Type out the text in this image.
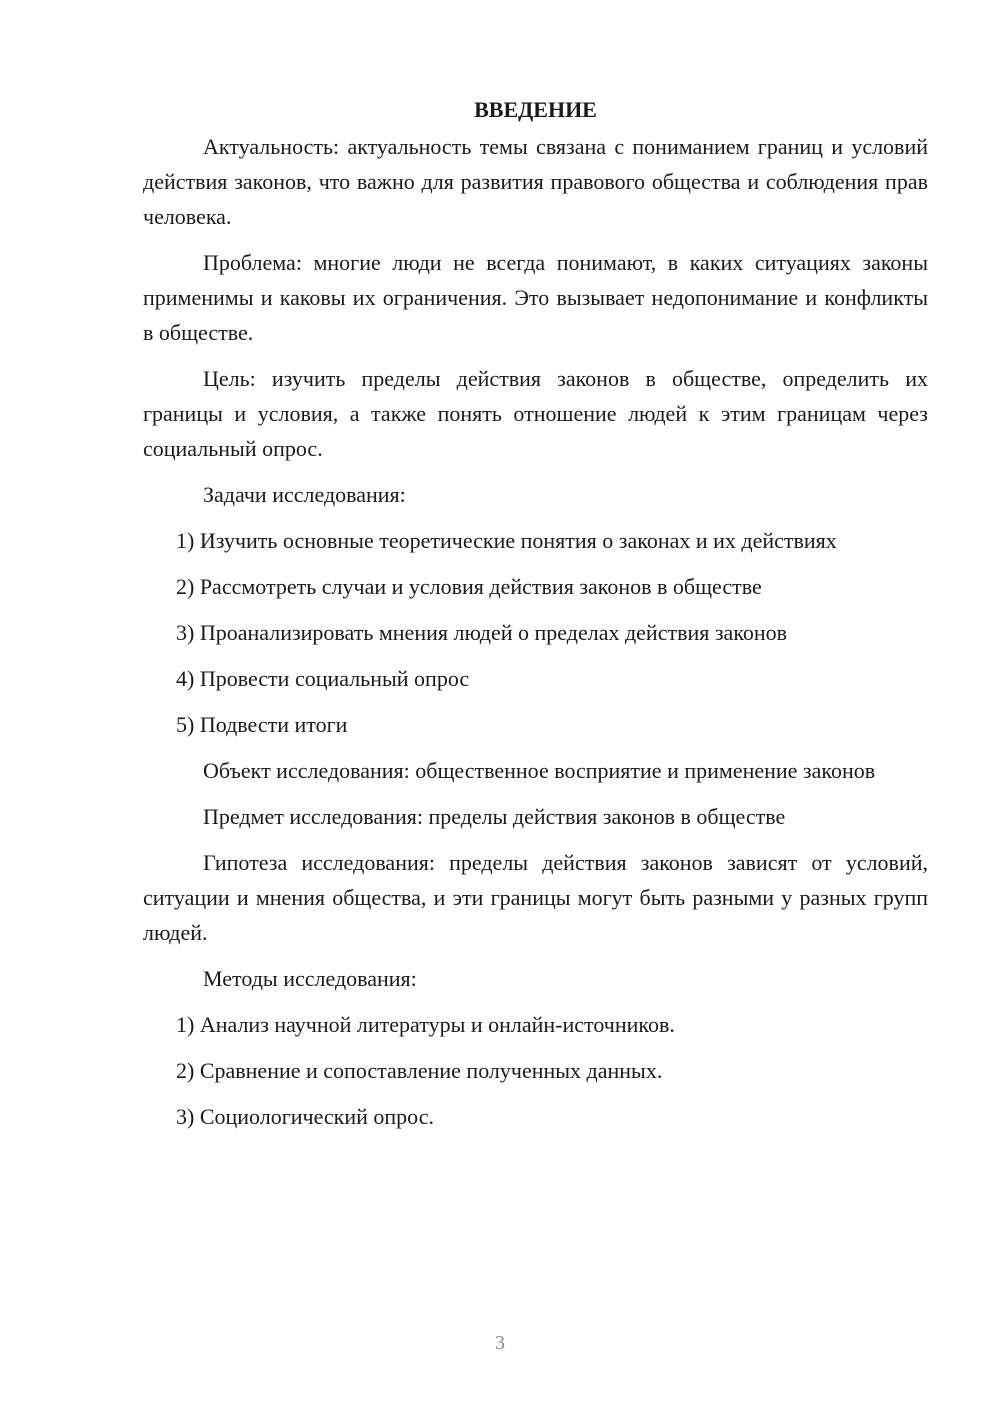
ВВЕДЕНИЕ

Актуальность: актуальность темы связана с пониманием границ и условий действия законов, что важно для развития правового общества и соблюдения прав человека.

Проблема: многие люди не всегда понимают, в каких ситуациях законы применимы и каковы их ограничения. Это вызывает недопонимание и конфликты в обществе.

Цель: изучить пределы действия законов в обществе, определить их границы и условия, а также понять отношение людей к этим границам через социальный опрос.

Задачи исследования:

1) Изучить основные теоретические понятия о законах и их действиях
2) Рассмотреть случаи и условия действия законов в обществе
3) Проанализировать мнения людей о пределах действия законов
4) Провести социальный опрос
5) Подвести итоги

Объект исследования: общественное восприятие и применение законов

Предмет исследования: пределы действия законов в обществе

Гипотеза исследования: пределы действия законов зависят от условий, ситуации и мнения общества, и эти границы могут быть разными у разных групп людей.

Методы исследования:

1) Анализ научной литературы и онлайн-источников.
2) Сравнение и сопоставление полученных данных.
3) Социологический опрос.
3
